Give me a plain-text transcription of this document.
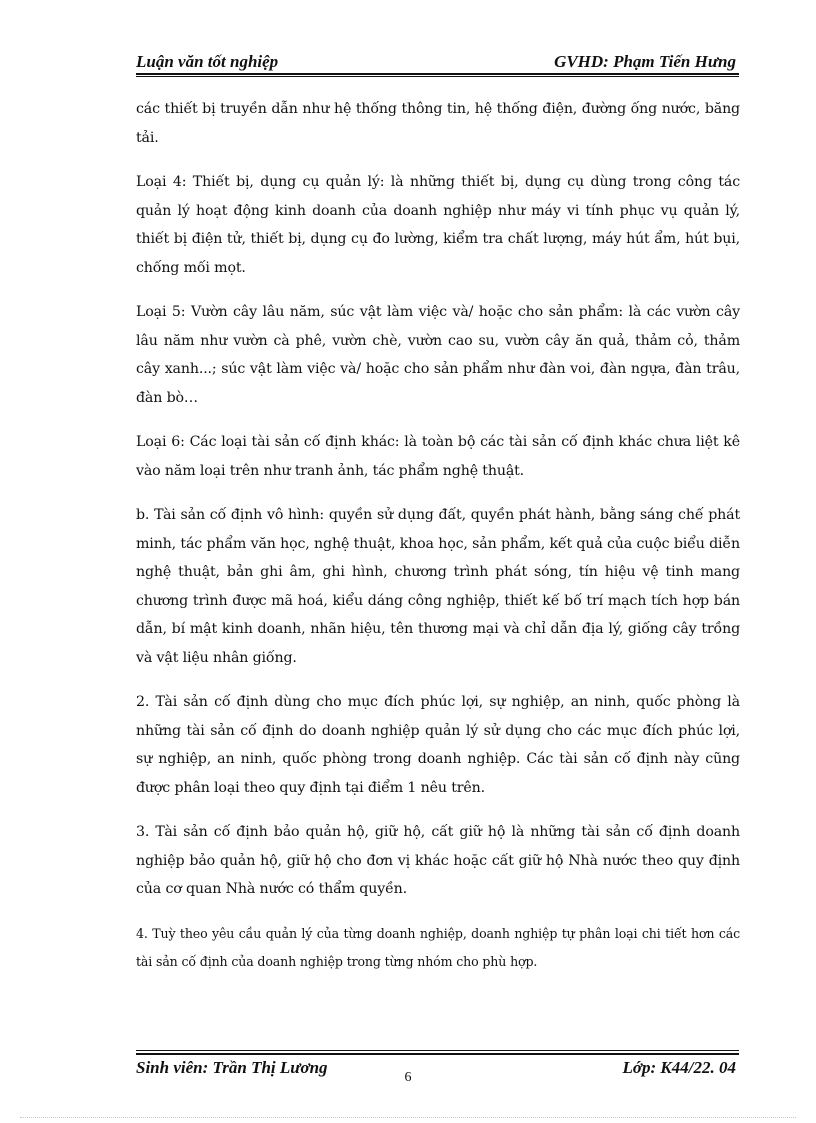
Luận văn tốt nghiệp	GVHD: Phạm Tiến Hưng

các thiết bị truyền dẫn như hệ thống thông tin, hệ thống điện, đường ống nước, băng tải.

Loại 4: Thiết bị, dụng cụ quản lý: là những thiết bị, dụng cụ dùng trong công tác quản lý hoạt động kinh doanh của doanh nghiệp như máy vi tính phục vụ quản lý, thiết bị điện tử, thiết bị, dụng cụ đo lường, kiểm tra chất lượng, máy hút ẩm, hút bụi, chống mối mọt.

Loại 5: Vườn cây lâu năm, súc vật làm việc và/ hoặc cho sản phẩm: là các vườn cây lâu năm như vườn cà phê, vườn chè, vườn cao su, vườn cây ăn quả, thảm cỏ, thảm cây xanh...; súc vật làm việc và/ hoặc cho sản phẩm như đàn voi, đàn ngựa, đàn trâu, đàn bò…

Loại 6: Các loại tài sản cố định khác: là toàn bộ các tài sản cố định khác chưa liệt kê vào năm loại trên như tranh ảnh, tác phẩm nghệ thuật.

b. Tài sản cố định vô hình: quyền sử dụng đất, quyền phát hành, bằng sáng chế phát minh, tác phẩm văn học, nghệ thuật, khoa học, sản phẩm, kết quả của cuộc biểu diễn nghệ thuật, bản ghi âm, ghi hình, chương trình phát sóng, tín hiệu vệ tinh mang chương trình được mã hoá, kiểu dáng công nghiệp, thiết kế bố trí mạch tích hợp bán dẫn, bí mật kinh doanh, nhãn hiệu, tên thương mại và chỉ dẫn địa lý, giống cây trồng và vật liệu nhân giống.

2. Tài sản cố định dùng cho mục đích phúc lợi, sự nghiệp, an ninh, quốc phòng là những tài sản cố định do doanh nghiệp quản lý sử dụng cho các mục đích phúc lợi, sự nghiệp, an ninh, quốc phòng trong doanh nghiệp. Các tài sản cố định này cũng được phân loại theo quy định tại điểm 1 nêu trên.

3. Tài sản cố định bảo quản hộ, giữ hộ, cất giữ hộ là những tài sản cố định doanh nghiệp bảo quản hộ, giữ hộ cho đơn vị khác hoặc cất giữ hộ Nhà nước theo quy định của cơ quan Nhà nước có thẩm quyền.

4. Tuỳ theo yêu cầu quản lý của từng doanh nghiệp, doanh nghiệp tự phân loại chi tiết hơn các tài sản cố định của doanh nghiệp trong từng nhóm cho phù hợp.

Sinh viên: Trần Thị Lương	Lớp: K44/22. 04
6
